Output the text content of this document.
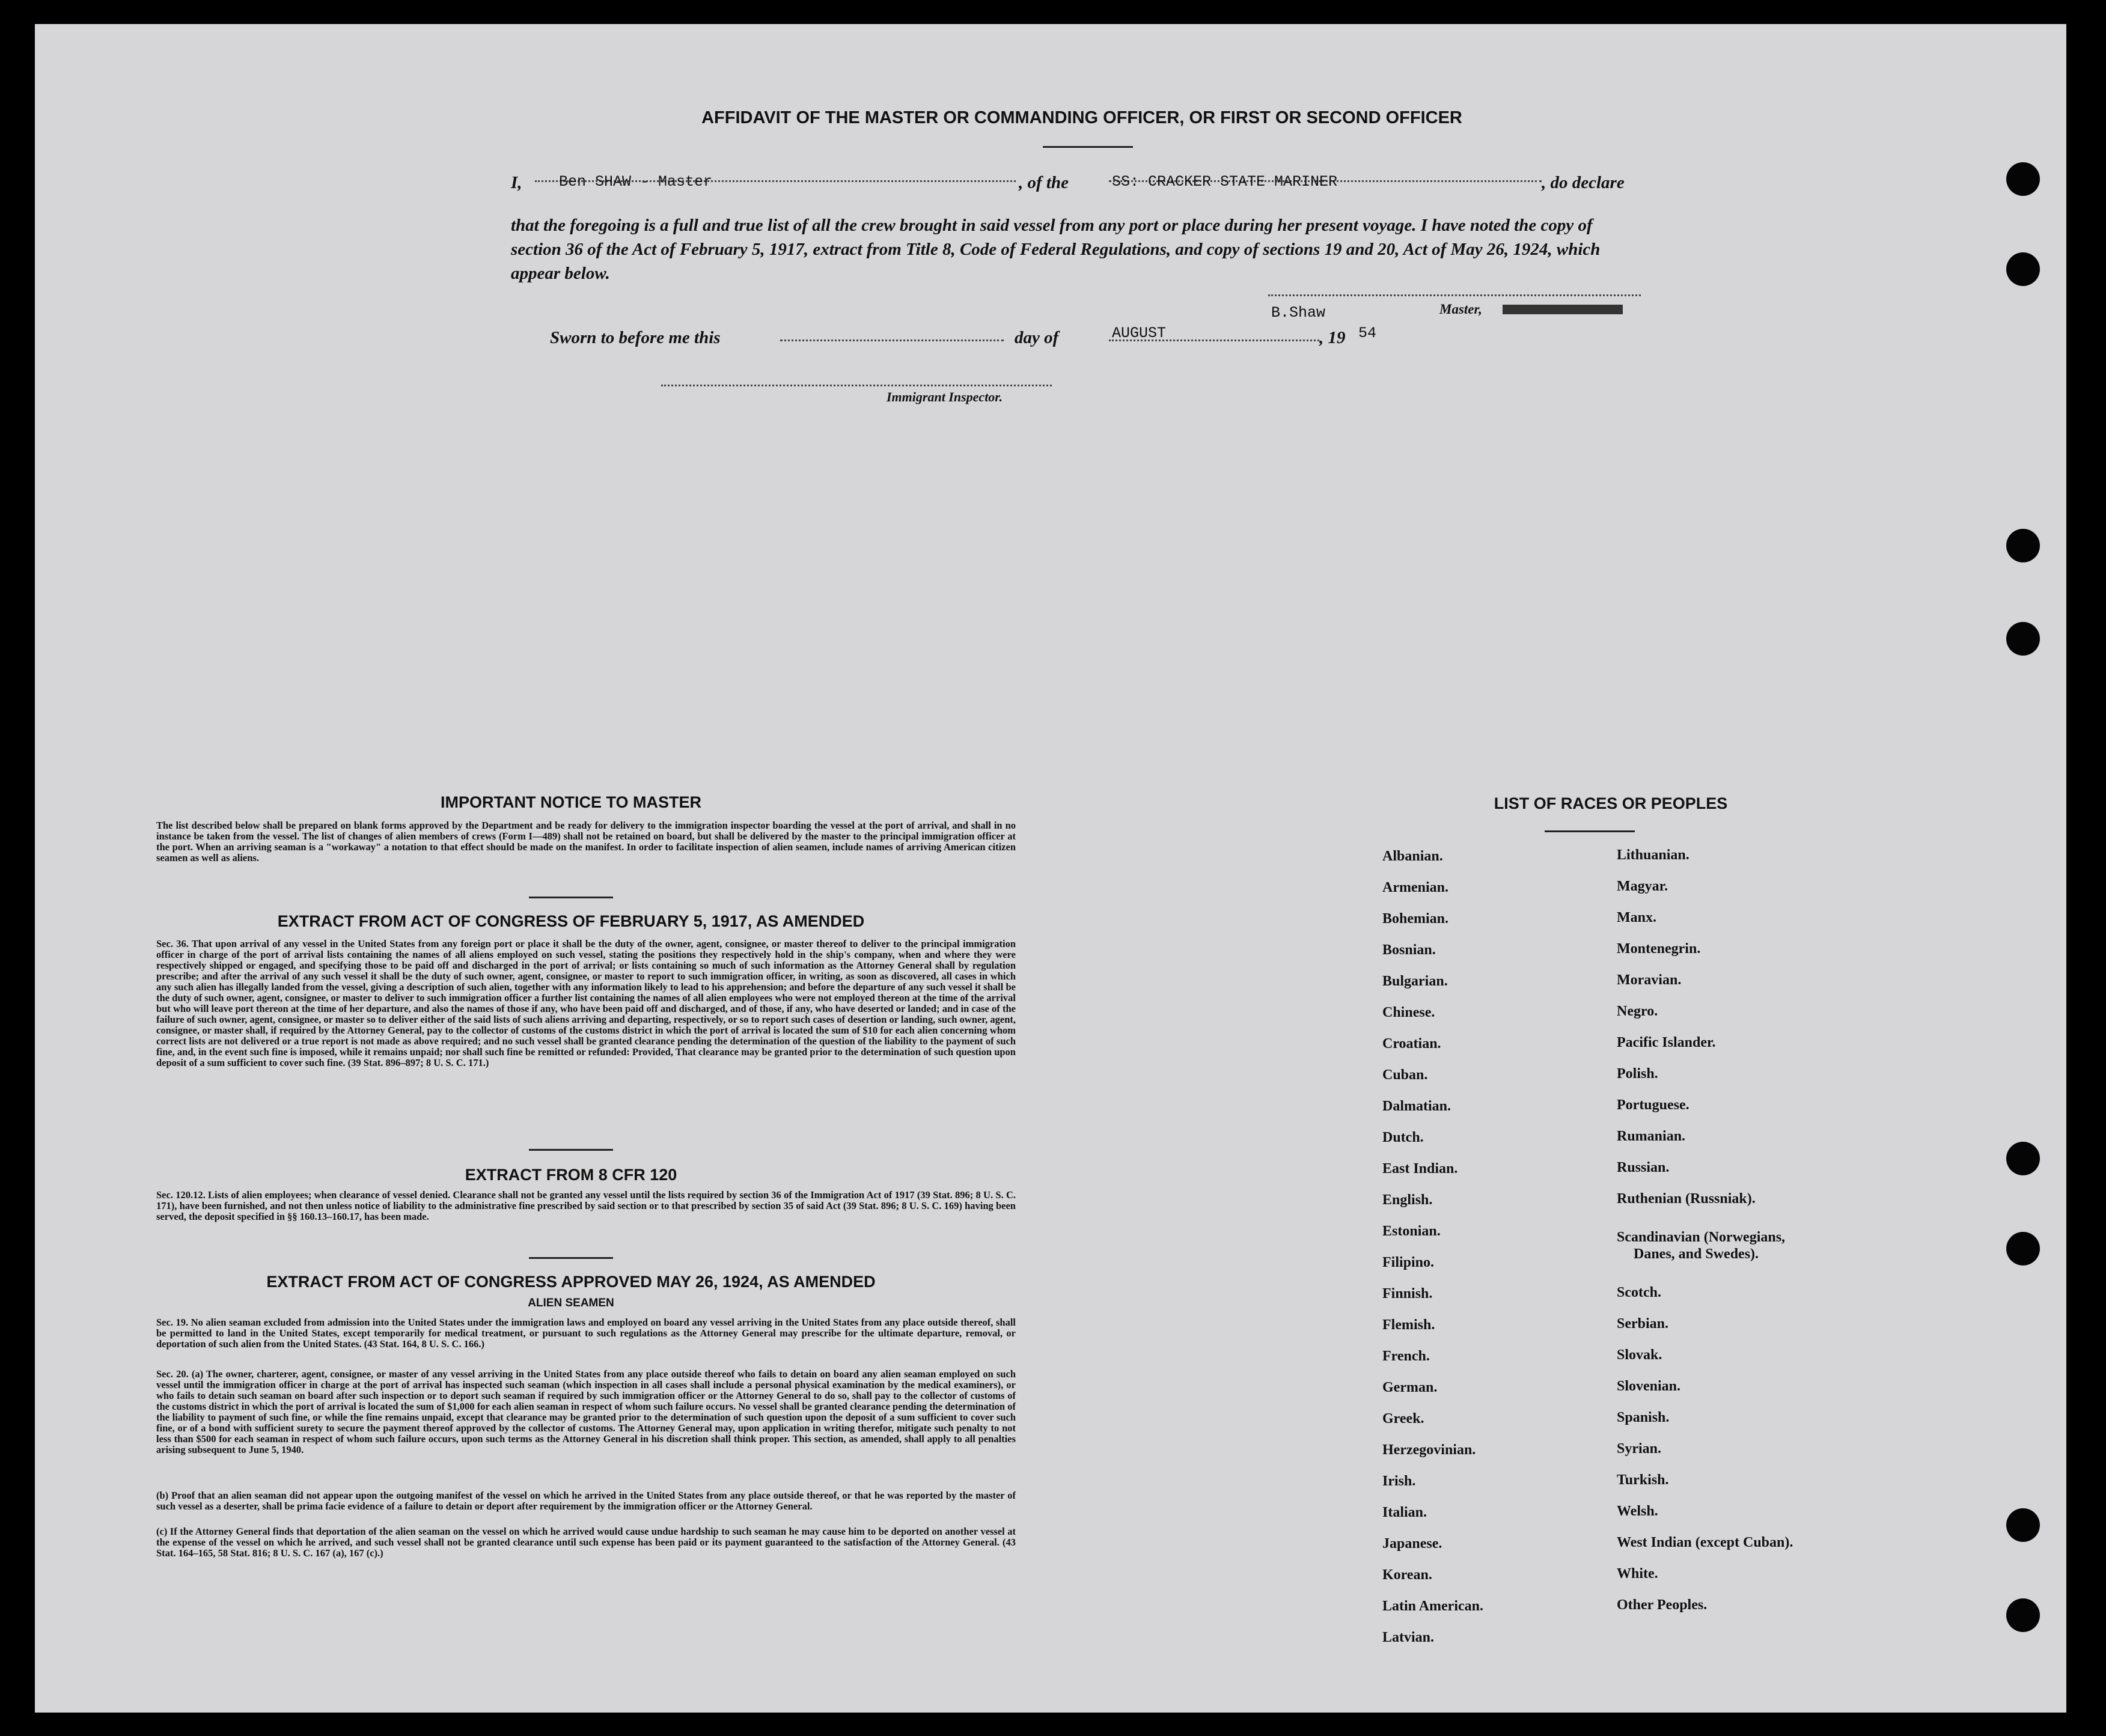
AFFIDAVIT OF THE MASTER OR COMMANDING OFFICER, OR FIRST OR SECOND OFFICER
I, Ben SHAW - Master	, of the	SS: CRACKER STATE MARINER	, do declare
that the foregoing is a full and true list of all the crew brought in said vessel from any port or place during her present voyage. I have noted the copy of section 36 of the Act of February 5, 1917, extract from Title 8, Code of Federal Regulations, and copy of sections 19 and 20, Act of May 26, 1924, which appear below.
B.Shaw	Master,
Sworn to before me this	day of	AUGUST	, 19 54
Immigrant Inspector.
IMPORTANT NOTICE TO MASTER
The list described below shall be prepared on blank forms approved by the Department and be ready for delivery to the immigration inspector boarding the vessel at the port of arrival, and shall in no instance be taken from the vessel. The list of changes of alien members of crews (Form I—489) shall not be retained on board, but shall be delivered by the master to the principal immigration officer at the port. When an arriving seaman is a "workaway" a notation to that effect should be made on the manifest. In order to facilitate inspection of alien seamen, include names of arriving American citizen seamen as well as aliens.
EXTRACT FROM ACT OF CONGRESS OF FEBRUARY 5, 1917, AS AMENDED
Sec. 36. That upon arrival of any vessel in the United States from any foreign port or place it shall be the duty of the owner, agent, consignee, or master thereof to deliver to the principal immigration officer in charge of the port of arrival lists containing the names of all aliens employed on such vessel, stating the positions they respectively hold in the ship's company, when and where they were respectively shipped or engaged, and specifying those to be paid off and discharged in the port of arrival; or lists containing so much of such information as the Attorney General shall by regulation prescribe; and after the arrival of any such vessel it shall be the duty of such owner, agent, consignee, or master to report to such immigration officer, in writing, as soon as discovered, all cases in which any such alien has illegally landed from the vessel, giving a description of such alien, together with any information likely to lead to his apprehension; and before the departure of any such vessel it shall be the duty of such owner, agent, consignee, or master to deliver to such immigration officer a further list containing the names of all alien employees who were not employed thereon at the time of the arrival but who will leave port thereon at the time of her departure, and also the names of those if any, who have been paid off and discharged, and of those, if any, who have deserted or landed; and in case of the failure of such owner, agent, consignee, or master so to deliver either of the said lists of such aliens arriving and departing, respectively, or so to report such cases of desertion or landing, such owner, agent, consignee, or master shall, if required by the Attorney General, pay to the collector of customs of the customs district in which the port of arrival is located the sum of $10 for each alien concerning whom correct lists are not delivered or a true report is not made as above required; and no such vessel shall be granted clearance pending the determination of the question of the liability to the payment of such fine, and, in the event such fine is imposed, while it remains unpaid; nor shall such fine be remitted or refunded: Provided, That clearance may be granted prior to the determination of such question upon deposit of a sum sufficient to cover such fine. (39 Stat. 896–897; 8 U. S. C. 171.)
EXTRACT FROM 8 CFR 120
Sec. 120.12. Lists of alien employees; when clearance of vessel denied. Clearance shall not be granted any vessel until the lists required by section 36 of the Immigration Act of 1917 (39 Stat. 896; 8 U. S. C. 171), have been furnished, and not then unless notice of liability to the administrative fine prescribed by said section or to that prescribed by section 35 of said Act (39 Stat. 896; 8 U. S. C. 169) having been served, the deposit specified in §§ 160.13–160.17, has been made.
EXTRACT FROM ACT OF CONGRESS APPROVED MAY 26, 1924, AS AMENDED
ALIEN SEAMEN
Sec. 19. No alien seaman excluded from admission into the United States under the immigration laws and employed on board any vessel arriving in the United States from any place outside thereof, shall be permitted to land in the United States, except temporarily for medical treatment, or pursuant to such regulations as the Attorney General may prescribe for the ultimate departure, removal, or deportation of such alien from the United States. (43 Stat. 164, 8 U. S. C. 166.)
Sec. 20. (a) The owner, charterer, agent, consignee, or master of any vessel arriving in the United States from any place outside thereof who fails to detain on board any alien seaman employed on such vessel until the immigration officer in charge at the port of arrival has inspected such seaman (which inspection in all cases shall include a personal physical examination by the medical examiners), or who fails to detain such seaman on board after such inspection or to deport such seaman if required by such immigration officer or the Attorney General to do so, shall pay to the collector of customs of the customs district in which the port of arrival is located the sum of $1,000 for each alien seaman in respect of whom such failure occurs. No vessel shall be granted clearance pending the determination of the liability to payment of such fine, or while the fine remains unpaid, except that clearance may be granted prior to the determination of such question upon the deposit of a sum sufficient to cover such fine, or of a bond with sufficient surety to secure the payment thereof approved by the collector of customs. The Attorney General may, upon application in writing therefor, mitigate such penalty to not less than $500 for each seaman in respect of whom such failure occurs, upon such terms as the Attorney General in his discretion shall think proper. This section, as amended, shall apply to all penalties arising subsequent to June 5, 1940.
(b) Proof that an alien seaman did not appear upon the outgoing manifest of the vessel on which he arrived in the United States from any place outside thereof, or that he was reported by the master of such vessel as a deserter, shall be prima facie evidence of a failure to detain or deport after requirement by the immigration officer or the Attorney General.
(c) If the Attorney General finds that deportation of the alien seaman on the vessel on which he arrived would cause undue hardship to such seaman he may cause him to be deported on another vessel at the expense of the vessel on which he arrived, and such vessel shall not be granted clearance until such expense has been paid or its payment guaranteed to the satisfaction of the Attorney General. (43 Stat. 164–165, 58 Stat. 816; 8 U. S. C. 167 (a), 167 (c).)
LIST OF RACES OR PEOPLES
Albanian.
Armenian.
Bohemian.
Bosnian.
Bulgarian.
Chinese.
Croatian.
Cuban.
Dalmatian.
Dutch.
East Indian.
English.
Estonian.
Filipino.
Finnish.
Flemish.
French.
German.
Greek.
Herzegovinian.
Irish.
Italian.
Japanese.
Korean.
Latin American.
Latvian.
Lithuanian.
Magyar.
Manx.
Montenegrin.
Moravian.
Negro.
Pacific Islander.
Polish.
Portuguese.
Rumanian.
Russian.
Ruthenian (Russniak).
Scandinavian (Norwegians,
Danes, and Swedes).
Scotch.
Serbian.
Slovak.
Slovenian.
Spanish.
Syrian.
Turkish.
Welsh.
West Indian (except Cuban).
White.
Other Peoples.
